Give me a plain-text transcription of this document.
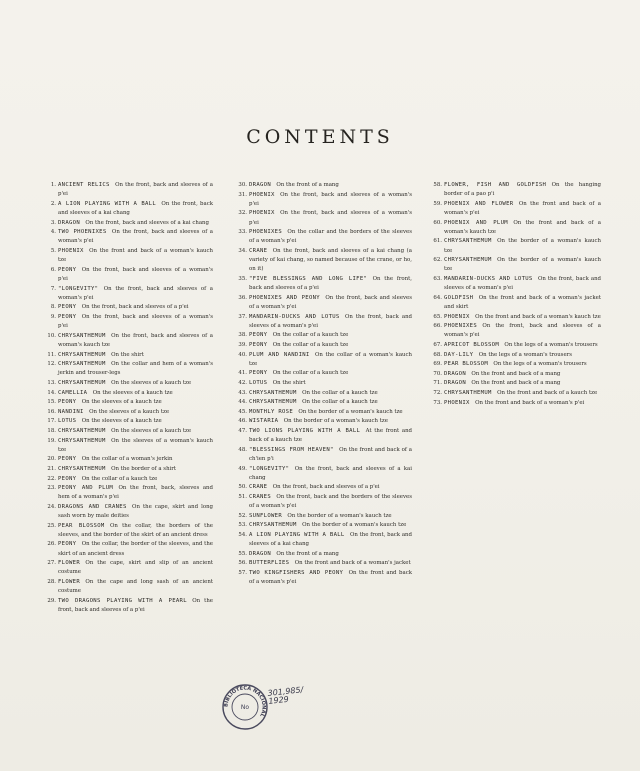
CONTENTS
1. ANCIENT RELICS  On the front, back and sleeves of a p'ei
2. A LION PLAYING WITH A BALL  On the front, back and sleeves of a kai chang
3. DRAGON  On the front, back and sleeves of a kai chang
4. TWO PHOENIXES  On the front, back and sleeves of a woman's p'ei
5. PHOENIX  On the front and back of a woman's kauch tze
6. PEONY  On the front, back and sleeves of a woman's p'ei
7. "LONGEVITY"  On the front, back and sleeves of a woman's p'ei
8. PEONY  On the front, back and sleeves of a p'ei
9. PEONY  On the front, back and sleeves of a woman's p'ei
10. CHRYSANTHEMUM  On the front, back and sleeves of a woman's kauch tze
11. CHRYSANTHEMUM  On the shirt
12. CHRYSANTHEMUM  On the collar and hem of a woman's jerkin and trouser-legs
13. CHRYSANTHEMUM  On the sleeves of a kauch tze
14. CAMELLIA  On the sleeves of a kauch tze
15. PEONY  On the sleeves of a kauch tze
16. NANDINI  On the sleeves of a kauch tze
17. LOTUS  On the sleeves of a kauch tze
18. CHRYSANTHEMUM  On the sleeves of a kauch tze
19. CHRYSANTHEMUM  On the sleeves of a woman's kauch tze
20. PEONY  On the collar of a woman's jerkin
21. CHRYSANTHEMUM  On the border of a shirt
22. PEONY  On the collar of a kauch tze
23. PEONY AND PLUM  On the front, back, sleeves and hem of a woman's p'ei
24. DRAGONS AND CRANES  On the cape, skirt and long sash worn by male deities
25. PEAR BLOSSOM  On the collar, the borders of the sleeves, and the border of the skirt of an ancient dress
26. PEONY  On the collar, the border of the sleeves, and the skirt of an ancient dress
27. FLOWER  On the cape, skirt and slip of an ancient costume
28. FLOWER  On the cape and long sash of an ancient costume
29. TWO DRAGONS PLAYING WITH A PEARL  On the front, back and sleeves of a p'ei
30. DRAGON  On the front of a mang
31. PHOENIX  On the front, back and sleeves of a woman's p'ei
32. PHOENIX  On the front, back and sleeves of a woman's p'ei
33. PHOENIXES  On the collar and the borders of the sleeves of a woman's p'ei
34. CRANE  On the front, back and sleeves of a kai chang (a variety of kai chang, so named because of the crane, or ho, on it)
35. "FIVE BLESSINGS AND LONG LIFE"  On the front, back and sleeves of a p'ei
36. PHOENIXES AND PEONY  On the front, back and sleeves of a woman's p'ei
37. MANDARIN-DUCKS AND LOTUS  On the front, back and sleeves of a woman's p'ei
38. PEONY  On the collar of a kauch tze
39. PEONY  On the collar of a kauch tze
40. PLUM AND NANDINI  On the collar of a woman's kauch tze
41. PEONY  On the collar of a kauch tze
42. LOTUS  On the shirt
43. CHRYSANTHEMUM  On the collar of a kauch tze
44. CHRYSANTHEMUM  On the collar of a kauch tze
45. MONTHLY ROSE  On the border of a woman's kauch tze
46. WISTARIA  On the border of a woman's kauch tze
47. TWO LIONS PLAYING WITH A BALL  At the front and back of a kauch tze
48. "BLESSINGS FROM HEAVEN"  On the front and back of a ch'ien p'i
49. "LONGEVITY"  On the front, back and sleeves of a kai chang
50. CRANE  On the front, back and sleeves of a p'ei
51. CRANES  On the front, back and the borders of the sleeves of a woman's p'ei
52. SUNFLOWER  On the border of a woman's kauch tze
53. CHRYSANTHEMUM  On the border of a woman's kauch tze
54. A LION PLAYING WITH A BALL  On the front, back and sleeves of a kai chang
55. DRAGON  On the front of a mang
56. BUTTERFLIES  On the front and back of a woman's jacket
57. TWO KINGFISHERS AND PEONY  On the front and back of a woman's p'ei
58. FLOWER, FISH AND GOLDFISH  On the hanging border of a pao p'i
59. PHOENIX AND FLOWER  On the front and back of a woman's p'ei
60. PHOENIX AND PLUM  On the front and back of a woman's kauch tze
61. CHRYSANTHEMUM  On the border of a woman's kauch tze
62. CHRYSANTHEMUM  On the border of a woman's kauch tze
63. MANDARIN-DUCKS AND LOTUS  On the front, back and sleeves of a woman's p'ei
64. GOLDFISH  On the front and back of a woman's jacket and skirt
65. PHOENIX  On the front and back of a woman's kauch tze
66. PHOENIXES  On the front, back and sleeves of a woman's p'ei
67. APRICOT BLOSSOM  On the legs of a woman's trousers
68. DAY-LILY  On the legs of a woman's trousers
69. PEAR BLOSSOM  On the legs of a woman's trousers
70. DRAGON  On the front and back of a mang
71. DRAGON  On the front and back of a mang
72. CHRYSANTHEMUM  On the front and back of a kauch tze
73. PHOENIX  On the front and back of a woman's p'ei
BIBLIOTECA NACIONAL
No
301,985/
1929
